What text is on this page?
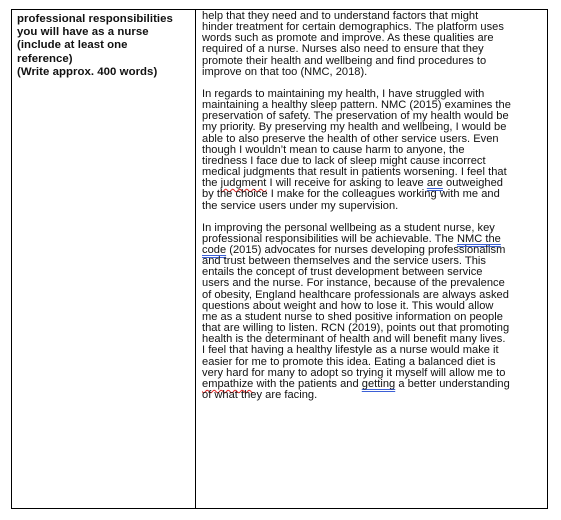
professional responsibilities
you will have as a nurse
(include at least one
reference)
(Write approx. 400 words)

help that they need and to understand factors that might
hinder treatment for certain demographics. The platform uses
words such as promote and improve. As these qualities are
required of a nurse. Nurses also need to ensure that they
promote their health and wellbeing and find procedures to
improve on that too (NMC, 2018).

In regards to maintaining my health, I have struggled with
maintaining a healthy sleep pattern. NMC (2015) examines the
preservation of safety. The preservation of my health would be
my priority. By preserving my health and wellbeing, I would be
able to also preserve the health of other service users. Even
though I wouldn’t mean to cause harm to anyone, the
tiredness I face due to lack of sleep might cause incorrect
medical judgments that result in patients worsening. I feel that
the judgment I will receive for asking to leave are outweighed
by the choice I make for the colleagues working with me and
the service users under my supervision.

In improving the personal wellbeing as a student nurse, key
professional responsibilities will be achievable. The NMC the
code (2015) advocates for nurses developing professionalism
and trust between themselves and the service users. This
entails the concept of trust development between service
users and the nurse. For instance, because of the prevalence
of obesity, England healthcare professionals are always asked
questions about weight and how to lose it. This would allow
me as a student nurse to shed positive information on people
that are willing to listen. RCN (2019), points out that promoting
health is the determinant of health and will benefit many lives.
I feel that having a healthy lifestyle as a nurse would make it
easier for me to promote this idea. Eating a balanced diet is
very hard for many to adopt so trying it myself will allow me to
empathize with the patients and getting a better understanding
of what they are facing.
